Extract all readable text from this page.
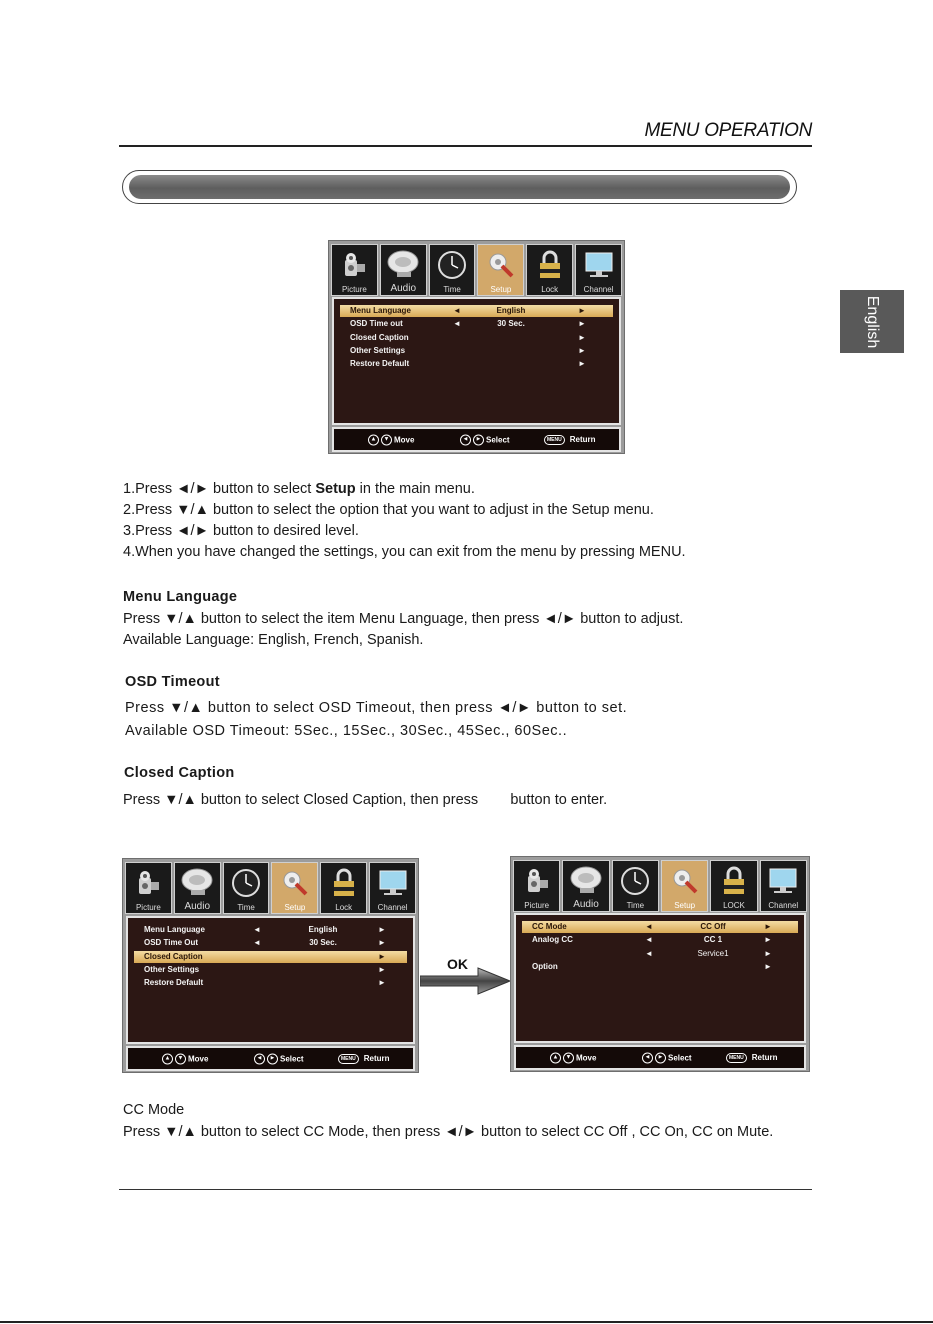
MENU OPERATION
English
Picture	Audio	Time	Setup	Lock	Channel
Menu Language	◄	English	►
OSD Time out	◄	30 Sec.	►
Closed Caption	►
Other Settings	►
Restore Default	►
▲	▼ Move	◄	► Select	MENU	Return
1.Press ◄/► button to select Setup in the main menu.
2.Press ▼/▲ button to select the option that you want to adjust in the Setup menu.
3.Press ◄/► button to desired level.
4.When you have changed the settings, you can exit from the menu by pressing MENU.
Menu Language
Press ▼/▲ button to select the item Menu Language, then press ◄/► button to adjust.
Available Language: English, French, Spanish.
OSD Timeout
Press ▼/▲ button to select OSD Timeout, then press ◄/► button to set.
Available OSD Timeout: 5Sec., 15Sec., 30Sec., 45Sec., 60Sec..
Closed Caption
Press ▼/▲ button to select Closed Caption, then press        button to enter.
Picture	Audio	Time	Setup	Lock	Channel
Menu Language	◄	English	►
OSD Time Out	◄	30 Sec.	►
Closed Caption	►
Other Settings	►
Restore Default	►
▲	▼ Move	◄	► Select	MENU	Return
OK
Picture	Audio	Time	Setup	LOCK	Channel
CC Mode	◄	CC Off	►
Analog CC	◄	CC 1	►
◄	Service1	►
Option	►
▲	▼ Move	◄	► Select	MENU	Return
CC Mode
Press ▼/▲ button to select CC Mode, then press ◄/► button to select CC Off , CC On, CC on Mute.
